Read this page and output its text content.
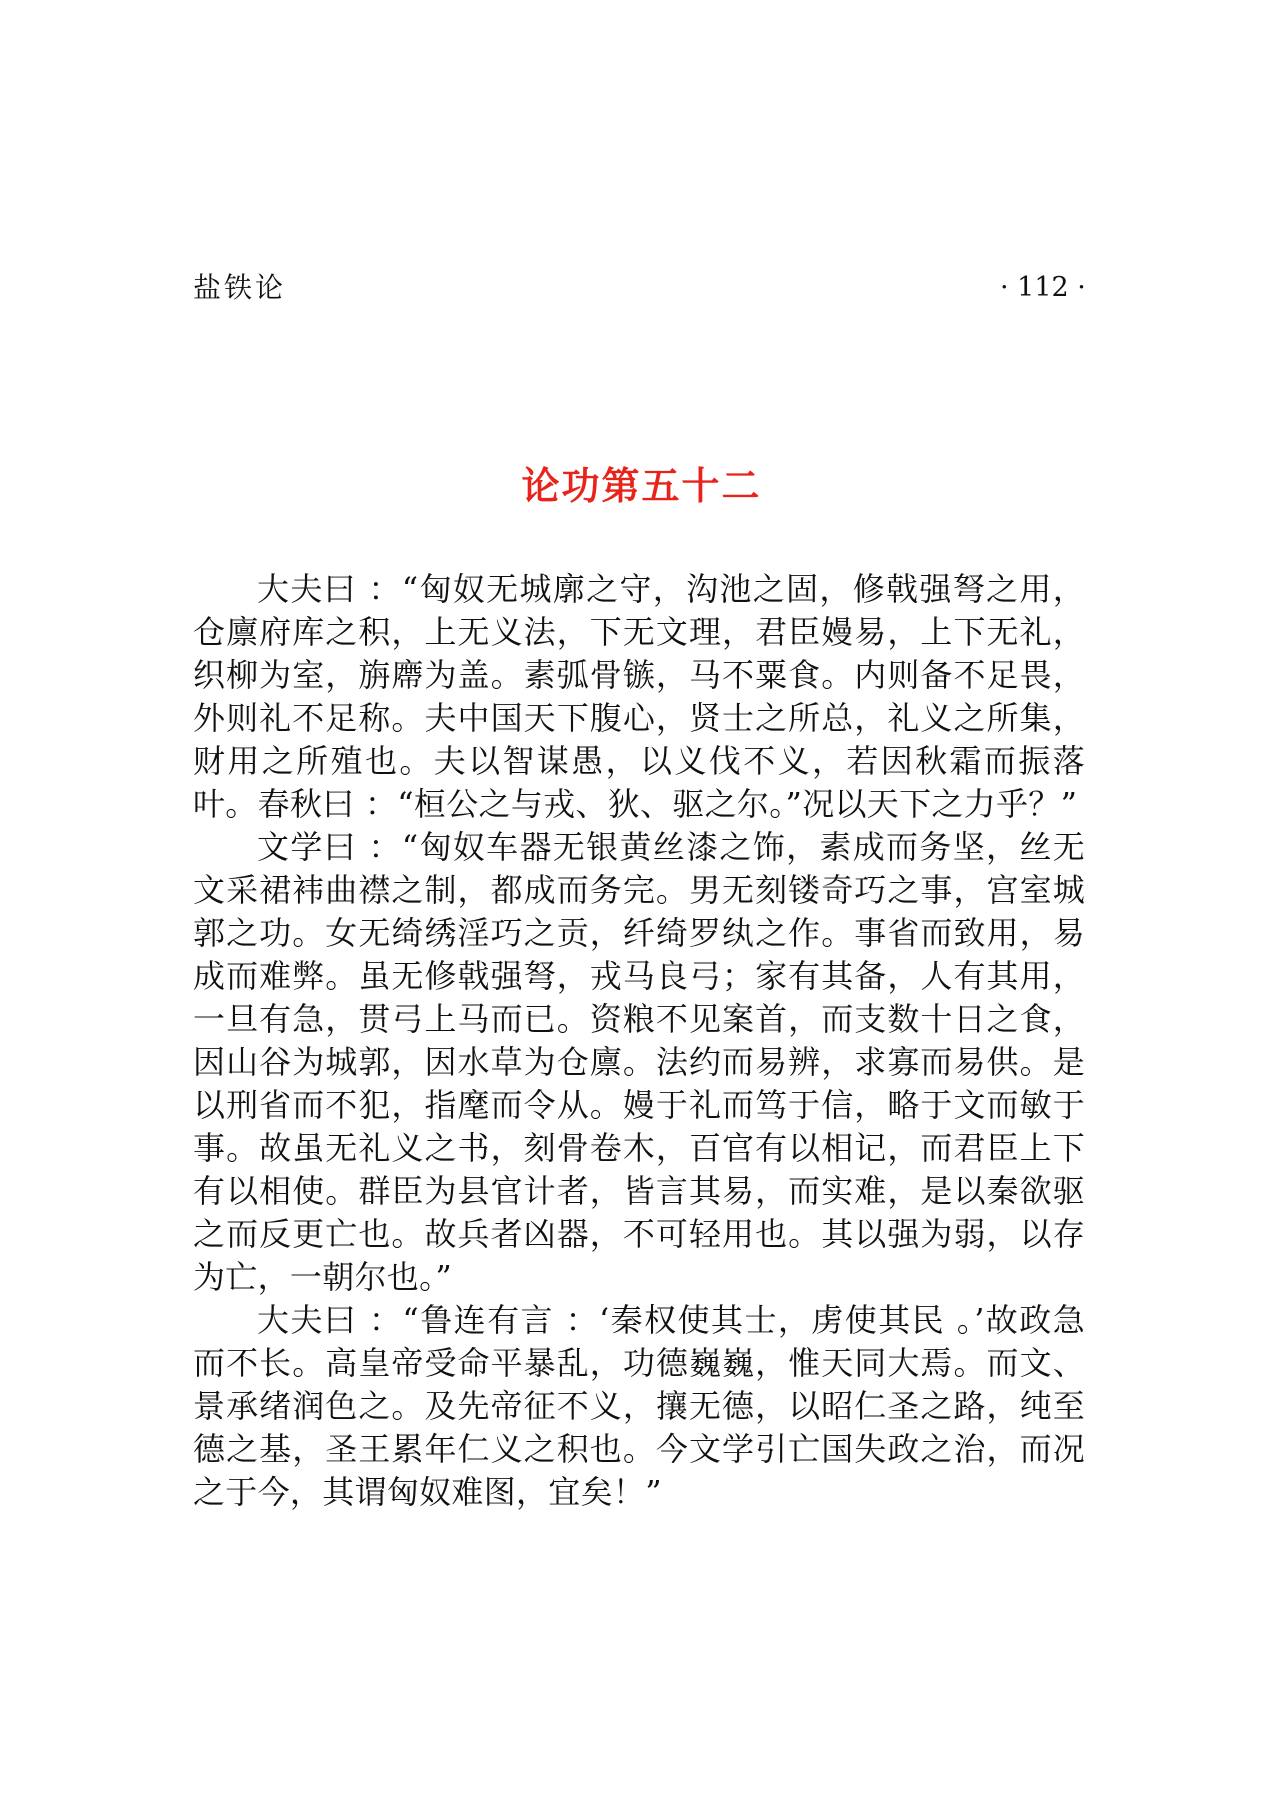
盐铁论	· 112 ·
论功第五十二

大夫曰 ：“匈奴无城廓之守，沟池之固，修戟强弩之用，仓廪府库之积，上无义法，下无文理，君臣嫚易，上下无礼，织柳为室，旃廗为盖。素弧骨镞，马不粟食。内则备不足畏，外则礼不足称。夫中国天下腹心，贤士之所总，礼义之所集，财用之所殖也。夫以智谋愚，以义伐不义，若因秋霜而振落叶。春秋曰 ：“桓公之与戎、狄、驱之尔。”况以天下之力乎？”

文学曰 ：“匈奴车器无银黄丝漆之饰，素成而务坚，丝无文采裙袆曲襟之制，都成而务完。男无刻镂奇巧之事，宫室城郭之功。女无绮绣淫巧之贡，纤绮罗纨之作。事省而致用，易成而难弊。虽无修戟强弩，戎马良弓；家有其备，人有其用，一旦有急，贯弓上马而已。资粮不见案首，而支数十日之食，因山谷为城郭，因水草为仓廪。法约而易辨，求寡而易供。是以刑省而不犯，指麾而令从。嫚于礼而笃于信，略于文而敏于事。故虽无礼义之书，刻骨卷木，百官有以相记，而君臣上下有以相使。群臣为县官计者，皆言其易，而实难，是以秦欲驱之而反更亡也。故兵者凶器，不可轻用也。其以强为弱，以存为亡，一朝尔也。”

大夫曰 ：“鲁连有言 ：‘秦权使其士，虏使其民 。’故政急而不长。高皇帝受命平暴乱，功德巍巍，惟天同大焉。而文、景承绪润色之。及先帝征不义，攘无德，以昭仁圣之路，纯至德之基，圣王累年仁义之积也。今文学引亡国失政之治，而况之于今，其谓匈奴难图，宜矣！”
